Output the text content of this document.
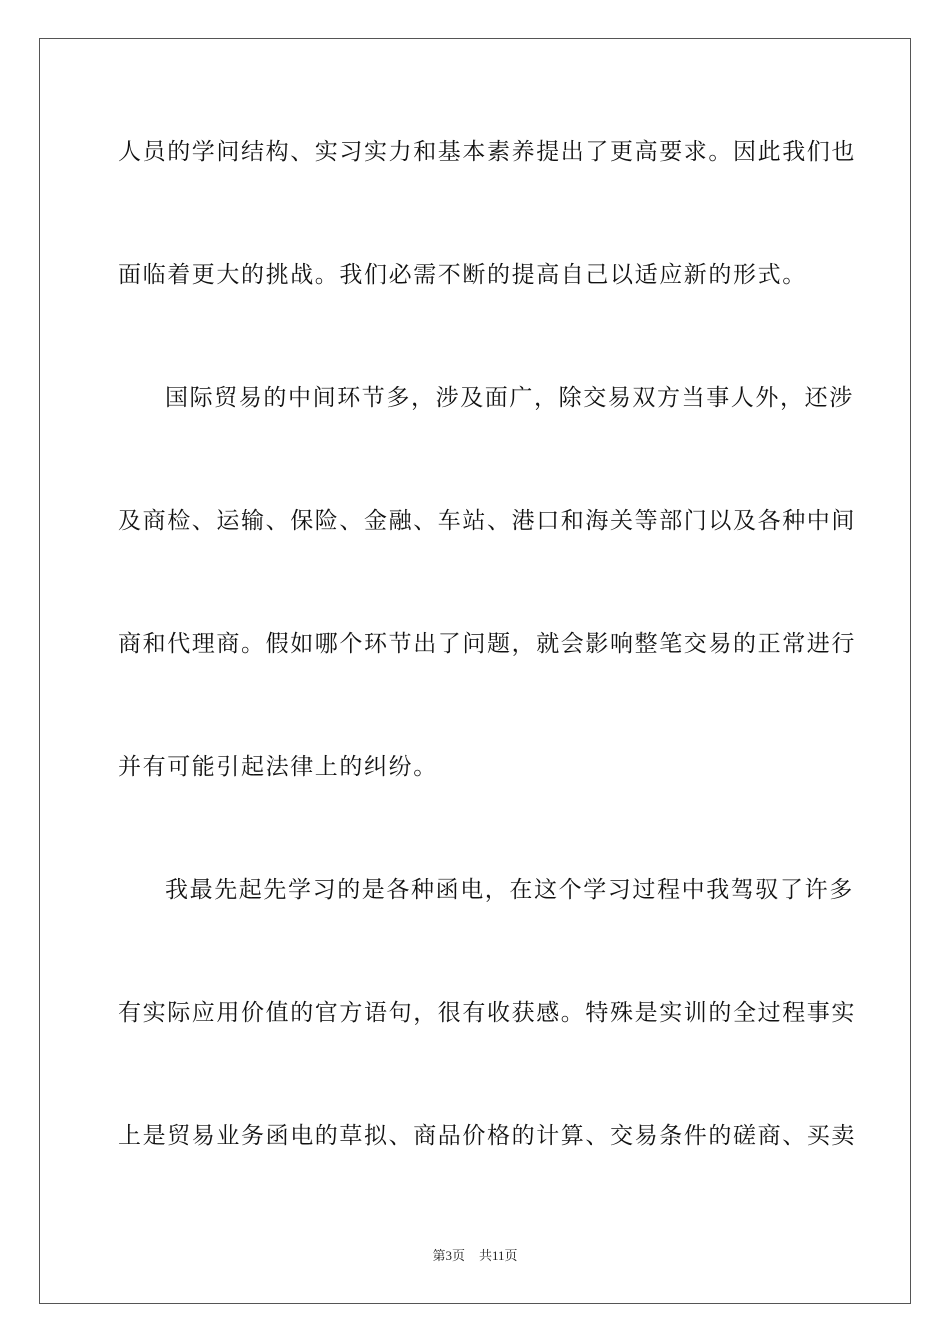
人员的学问结构、实习实力和基本素养提出了更高要求。因此我们也
面临着更大的挑战。我们必需不断的提高自己以适应新的形式。
国际贸易的中间环节多，涉及面广，除交易双方当事人外，还涉
及商检、运输、保险、金融、车站、港口和海关等部门以及各种中间
商和代理商。假如哪个环节出了问题，就会影响整笔交易的正常进行
并有可能引起法律上的纠纷。
我最先起先学习的是各种函电，在这个学习过程中我驾驭了许多
有实际应用价值的官方语句，很有收获感。特殊是实训的全过程事实
上是贸易业务函电的草拟、商品价格的计算、交易条件的磋商、买卖
第3页 共11页
